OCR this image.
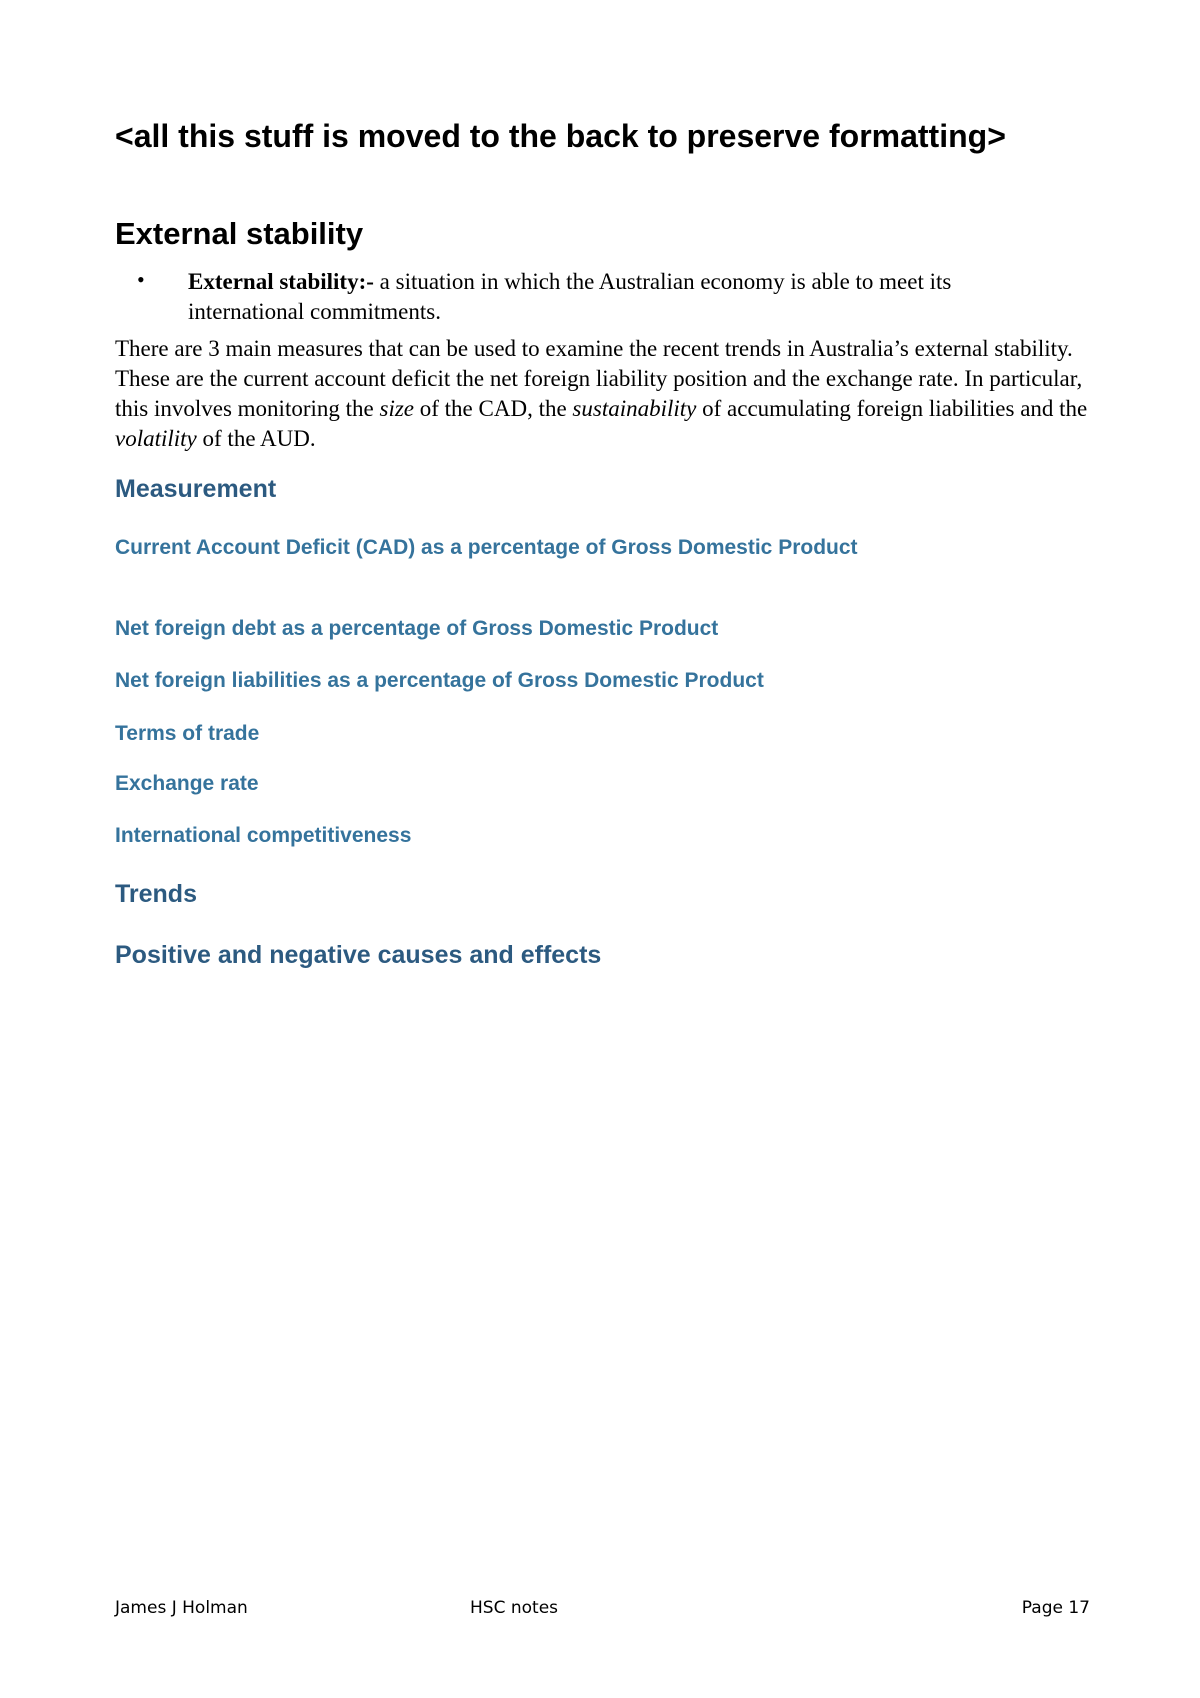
<all this stuff is moved to the back to preserve formatting>
External stability
• External stability:- a situation in which the Australian economy is able to meet its international commitments.

There are 3 main measures that can be used to examine the recent trends in Australia’s external stability. These are the current account deficit the net foreign liability position and the exchange rate. In particular, this involves monitoring the size of the CAD, the sustainability of accumulating foreign liabilities and the volatility of the AUD.

Measurement
Current Account Deficit (CAD) as a percentage of Gross Domestic Product
Net foreign debt as a percentage of Gross Domestic Product
Net foreign liabilities as a percentage of Gross Domestic Product
Terms of trade
Exchange rate
International competitiveness
Trends
Positive and negative causes and effects
James J Holman	HSC notes	Page 17
